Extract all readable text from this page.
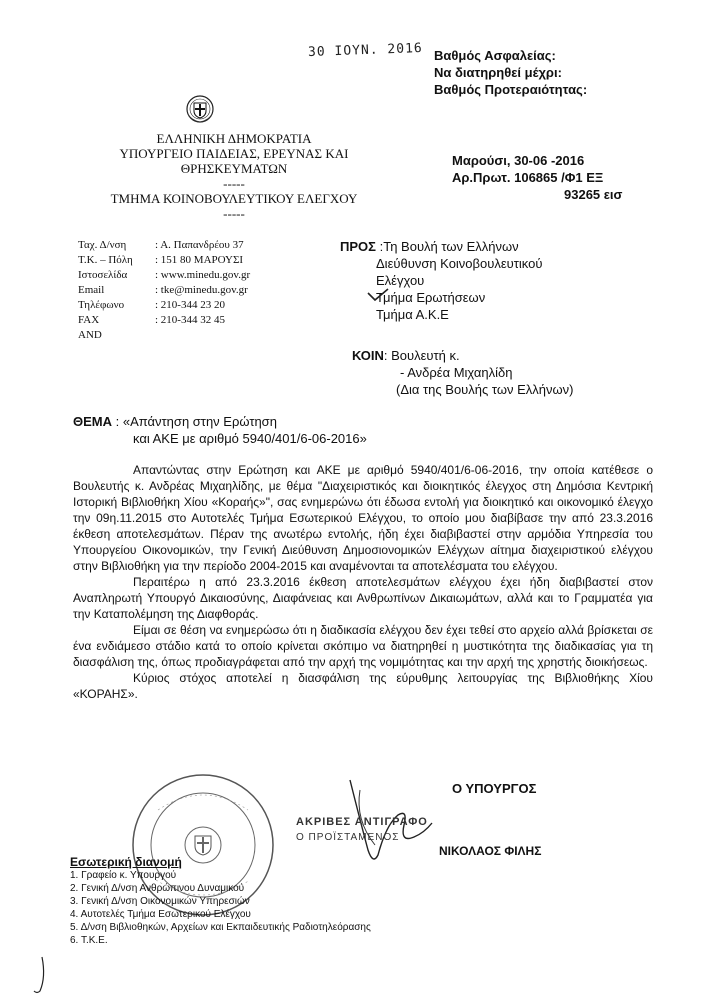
30 ΙΟΥΝ. 2016 Βαθμός Ασφαλείας:
Να διατηρηθεί μέχρι:
Βαθμός Προτεραιότητας:
ΕΛΛΗΝΙΚΗ ΔΗΜΟΚΡΑΤΙΑ
ΥΠΟΥΡΓΕΙΟ ΠΑΙΔΕΙΑΣ, ΕΡΕΥΝΑΣ ΚΑΙ
ΘΡΗΣΚΕΥΜΑΤΩΝ
-----
ΤΜΗΜΑ ΚΟΙΝΟΒΟΥΛΕΥΤΙΚΟΥ ΕΛΕΓΧΟΥ
-----
Μαρούσι, 30-06 -2016
Αρ.Πρωτ. 106865 /Φ1 ΕΞ
93265 εισ
Ταχ. Δ/νση	: Α. Παπανδρέου 37
Τ.Κ. – Πόλη	: 151 80 ΜΑΡΟΥΣΙ
Ιστοσελίδα	: www.minedu.gov.gr
Email	: tke@minedu.gov.gr
Τηλέφωνο	: 210-344 23 20
FAX	: 210-344 32 45
AND
ΠΡΟΣ :Τη Βουλή των Ελλήνων
Διεύθυνση Κοινοβουλευτικού
Ελέγχου
Τμήμα Ερωτήσεων
Τμήμα Α.Κ.Ε
ΚΟΙΝ: Βουλευτή κ.
- Ανδρέα Μιχαηλίδη
(Δια της Βουλής των Ελλήνων)
ΘΕΜΑ : «Απάντηση στην Ερώτηση
και ΑΚΕ με αριθμό 5940/401/6-06-2016»

Απαντώντας στην Ερώτηση και ΑΚΕ με αριθμό 5940/401/6-06-2016, την οποία κατέθεσε ο Βουλευτής κ. Ανδρέας Μιχαηλίδης, με θέμα "Διαχειριστικός και διοικητικός έλεγχος στη Δημόσια Κεντρική Ιστορική Βιβλιοθήκη Χίου «Κοραής»", σας ενημερώνω ότι έδωσα εντολή για διοικητικό και οικονομικό έλεγχο την 09η.11.2015 στο Αυτοτελές Τμήμα Εσωτερικού Ελέγχου, το οποίο μου διαβίβασε την από 23.3.2016 έκθεση αποτελεσμάτων. Πέραν της ανωτέρω εντολής, ήδη έχει διαβιβαστεί στην αρμόδια Υπηρεσία του Υπουργείου Οικονομικών, την Γενική Διεύθυνση Δημοσιονομικών Ελέγχων αίτημα διαχειριστικού ελέγχου στην Βιβλιοθήκη για την περίοδο 2004-2015 και αναμένονται τα αποτελέσματα του ελέγχου.

Περαιτέρω η από 23.3.2016 έκθεση αποτελεσμάτων ελέγχου έχει ήδη διαβιβαστεί στον Αναπληρωτή Υπουργό Δικαιοσύνης, Διαφάνειας και Ανθρωπίνων Δικαιωμάτων, αλλά και το Γραμματέα για την Καταπολέμηση της Διαφθοράς.

Είμαι σε θέση να ενημερώσω ότι η διαδικασία ελέγχου δεν έχει τεθεί στο αρχείο αλλά βρίσκεται σε ένα ενδιάμεσο στάδιο κατά το οποίο κρίνεται σκόπιμο να διατηρηθεί η μυστικότητα της διαδικασίας για τη διασφάλιση της, όπως προδιαγράφεται από την αρχή της νομιμότητας και την αρχή της χρηστής διοικήσεως.

Κύριος στόχος αποτελεί η διασφάλιση της εύρυθμης λειτουργίας της Βιβλιοθήκης Χίου «ΚΟΡΑΗΣ».

Ο ΥΠΟΥΡΓΟΣ
ΝΙΚΟΛΑΟΣ ΦΙΛΗΣ
ΑΚΡΙΒΕΣ ΑΝΤΙΓΡΑΦΟ
Ο ΠΡΟΪΣΤΑΜΕΝΟΣ
Εσωτερική διανομή
1. Γραφείο κ. Υπουργού
2. Γενική Δ/νση Ανθρώπινου Δυναμικού
3. Γενική Δ/νση Οικονομικών Υπηρεσιών
4. Αυτοτελές Τμήμα Εσωτερικού Ελέγχου
5. Δ/νση Βιβλιοθηκών, Αρχείων και Εκπαιδευτικής Ραδιοτηλεόρασης
6. Τ.Κ.Ε.
